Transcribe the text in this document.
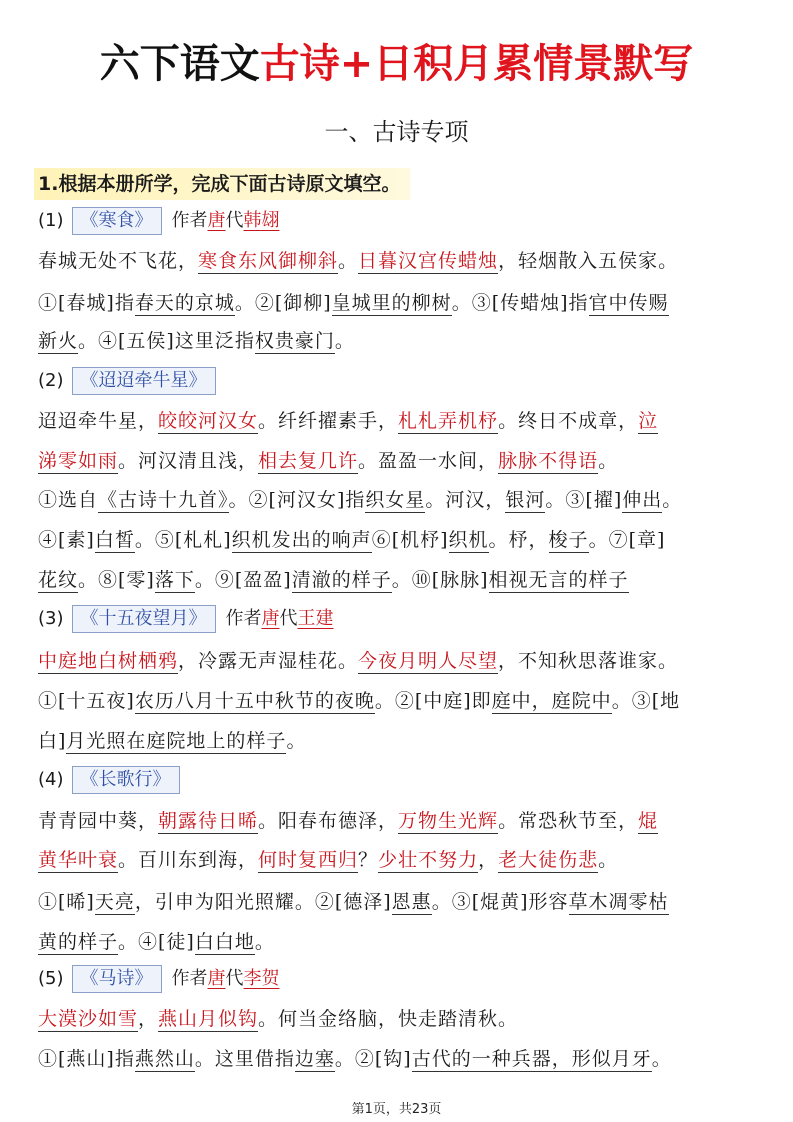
六下语文古诗+日积月累情景默写
一、古诗专项
1.根据本册所学，完成下面古诗原文填空。
(1) 《寒食》 作者唐代韩翃
(2) 《迢迢牵牛星》
(3) 《十五夜望月》 作者唐代王建
(4) 《长歌行》
(5) 《马诗》 作者唐代李贺
春城无处不飞花，寒食东风御柳斜。日暮汉宫传蜡烛，轻烟散入五侯家。
①[春城]指春天的京城。②[御柳]皇城里的柳树。③[传蜡烛]指官中传赐
新火。④[五侯]这里泛指权贵豪门。
迢迢牵牛星，皎皎河汉女。纤纤擢素手，札札弄机杼。终日不成章，泣
涕零如雨。河汉清且浅，相去复几许。盈盈一水间，脉脉不得语。
①选自《古诗十九首》。②[河汉女]指织女星。河汉，银河。③[擢]伸出。
④[素]白皙。⑤[札札]织机发出的响声⑥[机杼]织机。杼，梭子。⑦[章]
花纹。⑧[零]落下。⑨[盈盈]清澈的样子。⑩[脉脉]相视无言的样子
中庭地白树栖鸦，冷露无声湿桂花。今夜月明人尽望，不知秋思落谁家。
①[十五夜]农历八月十五中秋节的夜晚。②[中庭]即庭中，庭院中。③[地
白]月光照在庭院地上的样子。
青青园中葵，朝露待日晞。阳春布德泽，万物生光辉。常恐秋节至，焜
黄华叶衰。百川东到海，何时复西归？少壮不努力，老大徒伤悲。
①[晞]天亮，引申为阳光照耀。②[德泽]恩惠。③[焜黄]形容草木凋零枯
黄的样子。④[徒]白白地。
大漠沙如雪，燕山月似钩。何当金络脑，快走踏清秋。
①[燕山]指燕然山。这里借指边塞。②[钩]古代的一种兵器，形似月牙。
第1页，共23页
